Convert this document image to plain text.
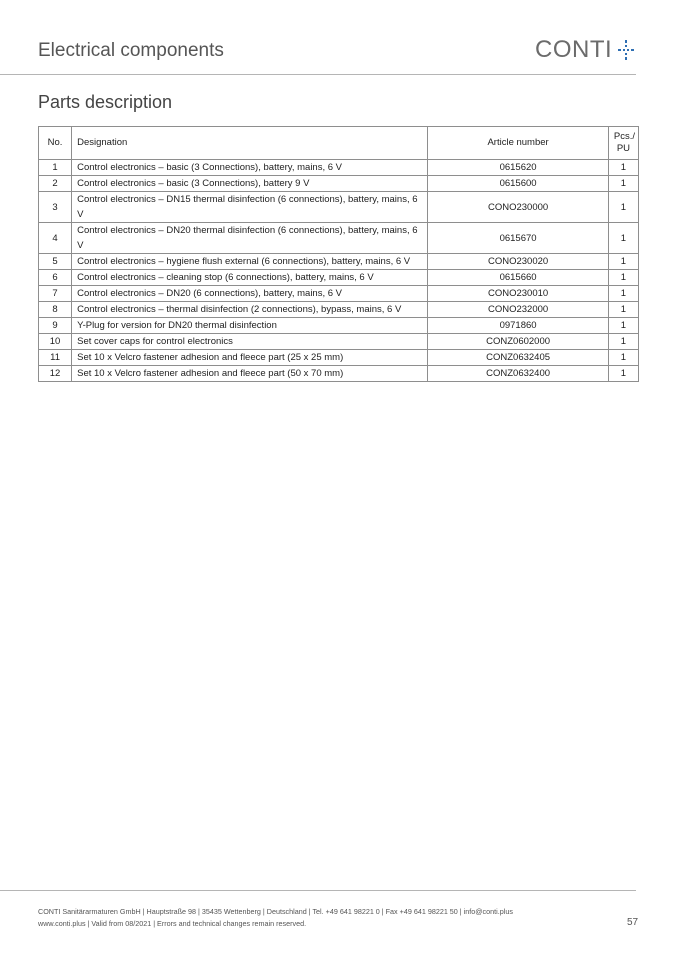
Electrical components	CONTI
Parts description
No.	Designation	Article number	Pcs./
PU
1	Control electronics – basic (3 Connections), battery, mains, 6 V	0615620	1
2	Control electronics – basic (3 Connections), battery 9 V	0615600	1
3	Control electronics – DN15 thermal disinfection (6 connections), battery, mains, 6 V	CONO230000	1
4	Control electronics – DN20 thermal disinfection (6 connections), battery, mains, 6 V	0615670	1
5	Control electronics – hygiene flush external (6 connections), battery, mains, 6 V	CONO230020	1
6	Control electronics – cleaning stop (6 connections), battery, mains, 6 V	0615660	1
7	Control electronics – DN20 (6 connections), battery, mains, 6 V	CONO230010	1
8	Control electronics – thermal disinfection (2 connections), bypass, mains, 6 V	CONO232000	1
9	Y-Plug for version for DN20 thermal disinfection	0971860	1
10	Set cover caps for control electronics	CONZ0602000	1
11	Set 10 x Velcro fastener adhesion and fleece part (25 x 25 mm)	CONZ0632405	1
12	Set 10 x Velcro fastener adhesion and fleece part (50 x 70 mm)	CONZ0632400	1
CONTI Sanitärarmaturen GmbH | Hauptstraße 98 | 35435 Wettenberg | Deutschland | Tel. +49 641 98221 0 | Fax +49 641 98221 50 | info@conti.plus
www.conti.plus | Valid from 08/2021 | Errors and technical changes remain reserved.	57
